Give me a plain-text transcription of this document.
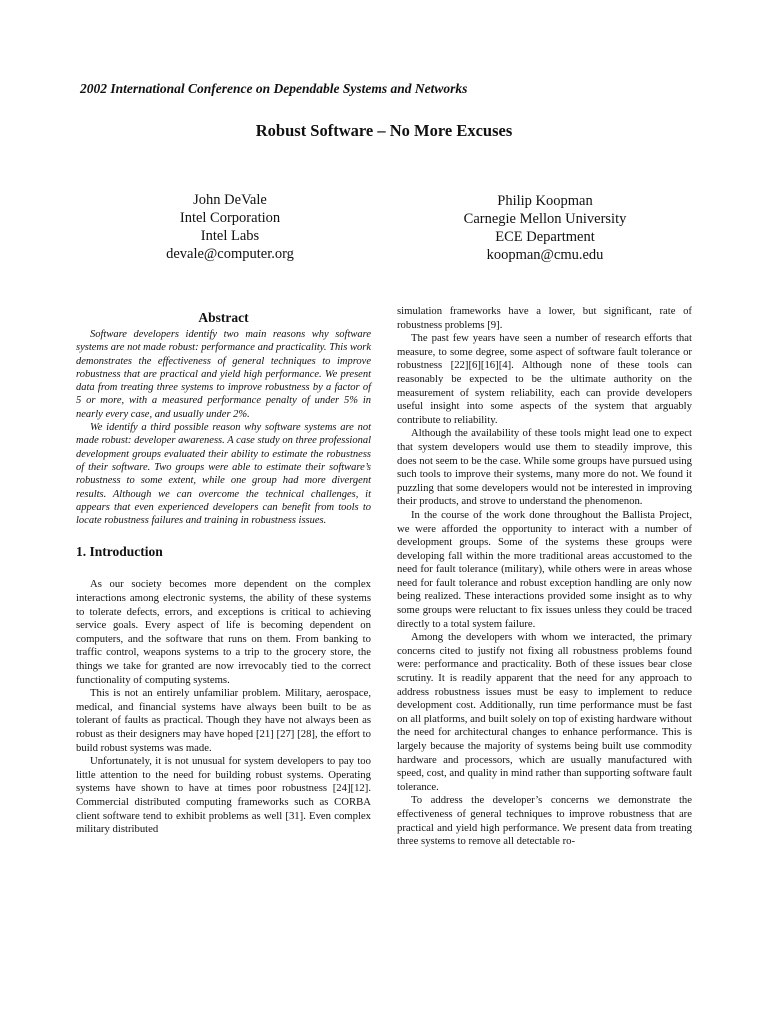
2002 International Conference on Dependable Systems and Networks
Robust Software – No More Excuses
John DeVale
Intel Corporation
Intel Labs
devale@computer.org
Philip Koopman
Carnegie Mellon University
ECE Department
koopman@cmu.edu
Abstract

Software developers identify two main reasons why software systems are not made robust: performance and practicality. This work demonstrates the effectiveness of general techniques to improve robustness that are practical and yield high performance. We present data from treating three systems to improve robustness by a factor of 5 or more, with a measured performance penalty of under 5% in nearly every case, and usually under 2%.

We identify a third possible reason why software systems are not made robust: developer awareness. A case study on three professional development groups evaluated their ability to estimate the robustness of their software. Two groups were able to estimate their software’s robustness to some extent, while one group had more divergent results. Although we can overcome the technical challenges, it appears that even experienced developers can benefit from tools to locate robustness failures and training in robustness issues.

1. Introduction

As our society becomes more dependent on the complex interactions among electronic systems, the ability of these systems to tolerate defects, errors, and exceptions is critical to achieving service goals. Every aspect of life is becoming dependent on computers, and the software that runs on them. From banking to traffic control, weapons systems to a trip to the grocery store, the things we take for granted are now irrevocably tied to the correct functionality of computing systems.

This is not an entirely unfamiliar problem. Military, aerospace, medical, and financial systems have always been built to be as tolerant of faults as practical. Though they have not always been as robust as their designers may have hoped [21] [27] [28], the effort to build robust systems was made.

Unfortunately, it is not unusual for system developers to pay too little attention to the need for building robust systems. Operating systems have shown to have at times poor robustness [24][12]. Commercial distributed computing frameworks such as CORBA client software tend to exhibit problems as well [31]. Even complex military distributed

simulation frameworks have a lower, but significant, rate of robustness problems [9].

The past few years have seen a number of research efforts that measure, to some degree, some aspect of software fault tolerance or robustness [22][6][16][4]. Although none of these tools can reasonably be expected to be the ultimate authority on the measurement of system reliability, each can provide developers useful insight into some aspects of the system that arguably contribute to reliability.

Although the availability of these tools might lead one to expect that system developers would use them to steadily improve, this does not seem to be the case. While some groups have pursued using such tools to improve their systems, many more do not. We found it puzzling that some developers would not be interested in improving their products, and strove to understand the phenomenon.

In the course of the work done throughout the Ballista Project, we were afforded the opportunity to interact with a number of development groups. Some of the systems these groups were developing fall within the more traditional areas accustomed to the need for fault tolerance (military), while others were in areas whose need for fault tolerance and robust exception handling are only now being realized. These interactions provided some insight as to why some groups were reluctant to fix issues unless they could be traced directly to a total system failure.

Among the developers with whom we interacted, the primary concerns cited to justify not fixing all robustness problems found were: performance and practicality. Both of these issues bear close scrutiny. It is readily apparent that the need for any approach to address robustness issues must be easy to implement to reduce development cost. Additionally, run time performance must be fast on all platforms, and built solely on top of existing hardware without the need for architectural changes to enhance performance. This is largely because the majority of systems being built use commodity hardware and processors, which are usually manufactured with speed, cost, and quality in mind rather than supporting software fault tolerance.

To address the developer’s concerns we demonstrate the effectiveness of general techniques to improve robustness that are practical and yield high performance. We present data from treating three systems to remove all detectable ro-
